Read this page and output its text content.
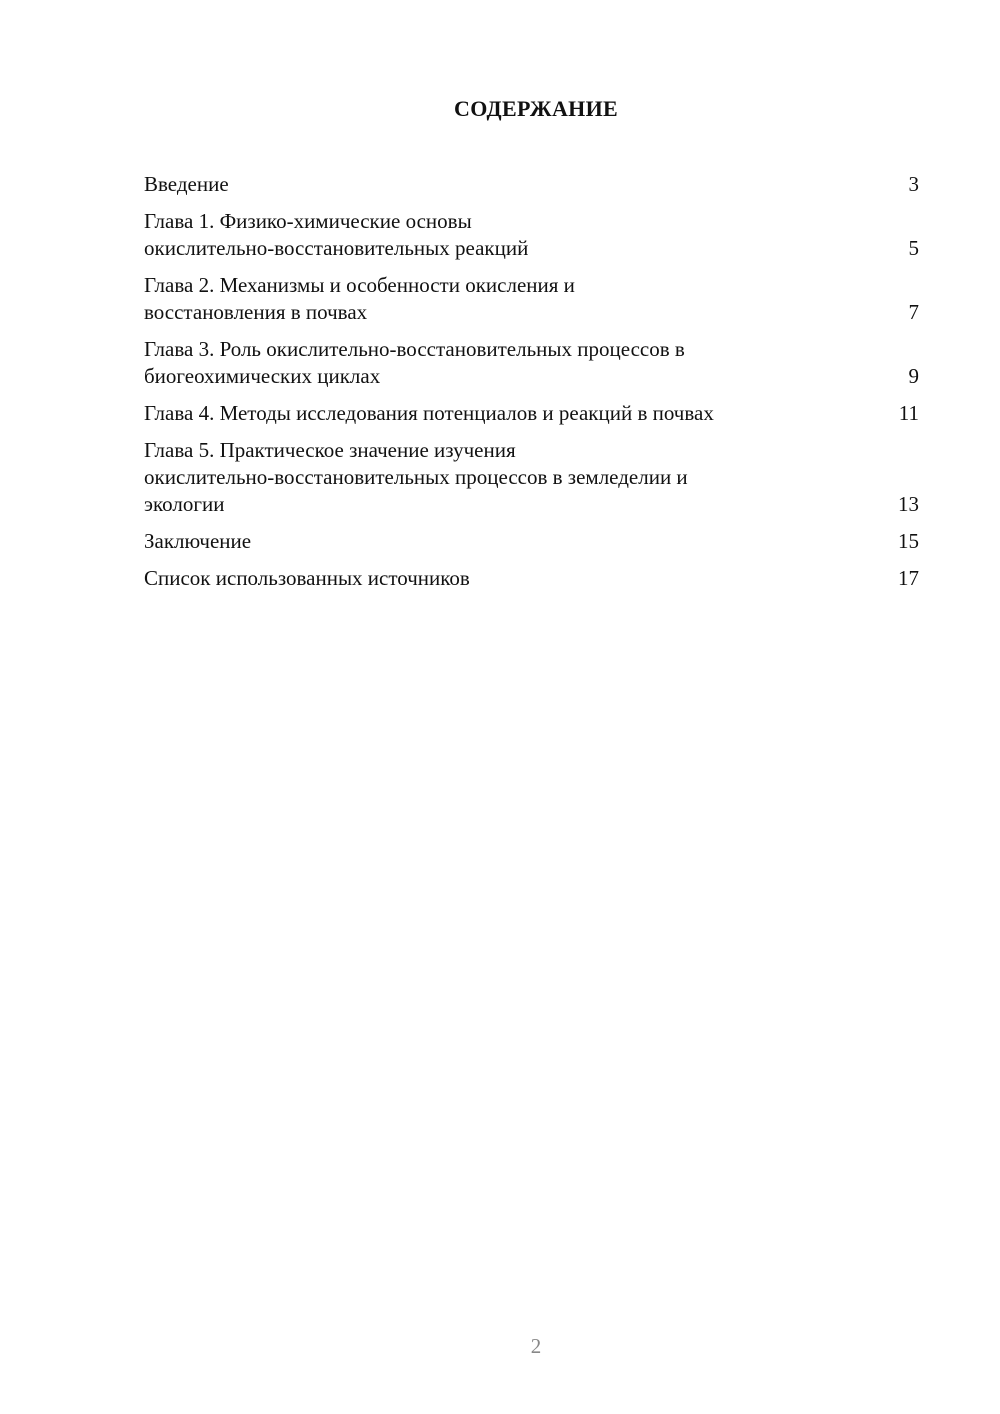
СОДЕРЖАНИЕ
Введение	3
Глава 1. Физико-химические основы
окислительно-восстановительных реакций	5
Глава 2. Механизмы и особенности окисления и
восстановления в почвах	7
Глава 3. Роль окислительно-восстановительных процессов в
биогеохимических циклах	9
Глава 4. Методы исследования потенциалов и реакций в почвах	11
Глава 5. Практическое значение изучения
окислительно-восстановительных процессов в земледелии и
экологии	13
Заключение	15
Список использованных источников	17
2
